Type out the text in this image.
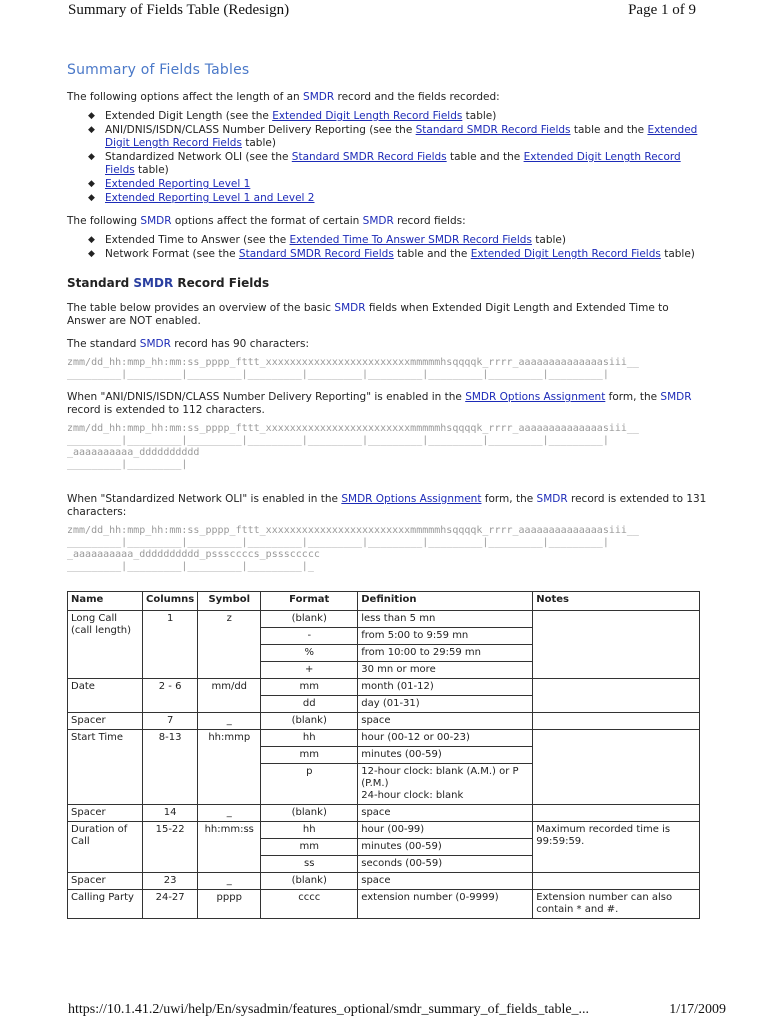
Summary of Fields Table (Redesign)	Page 1 of 9
Summary of Fields Tables

The following options affect the length of an SMDR record and the fields recorded:

◆ Extended Digit Length (see the Extended Digit Length Record Fields table)
◆ ANI/DNIS/ISDN/CLASS Number Delivery Reporting (see the Standard SMDR Record Fields table and the Extended Digit Length Record Fields table)
◆ Standardized Network OLI (see the Standard SMDR Record Fields table and the Extended Digit Length Record Fields table)
◆ Extended Reporting Level 1
◆ Extended Reporting Level 1 and Level 2

The following SMDR options affect the format of certain SMDR record fields:

◆ Extended Time to Answer (see the Extended Time To Answer SMDR Record Fields table)
◆ Network Format (see the Standard SMDR Record Fields table and the Extended Digit Length Record Fields table)
Standard SMDR Record Fields

The table below provides an overview of the basic SMDR fields when Extended Digit Length and Extended Time to Answer are NOT enabled.

The standard SMDR record has 90 characters:

zmm/dd_hh:mmp_hh:mm:ss_pppp_fttt_xxxxxxxxxxxxxxxxxxxxxxxxmmmmmhsqqqqk_rrrr_aaaaaaaaaaaaaasiii__
_________|_________|_________|_________|_________|_________|_________|_________|_________|

When "ANI/DNIS/ISDN/CLASS Number Delivery Reporting" is enabled in the SMDR Options Assignment form, the SMDR record is extended to 112 characters.

zmm/dd_hh:mmp_hh:mm:ss_pppp_fttt_xxxxxxxxxxxxxxxxxxxxxxxxmmmmmhsqqqqk_rrrr_aaaaaaaaaaaaaasiii__
_________|_________|_________|_________|_________|_________|_________|_________|_________|
_aaaaaaaaaa_dddddddddd
_________|_________|

When "Standardized Network OLI" is enabled in the SMDR Options Assignment form, the SMDR record is extended to 131 characters:

zmm/dd_hh:mmp_hh:mm:ss_pppp_fttt_xxxxxxxxxxxxxxxxxxxxxxxxmmmmmhsqqqqk_rrrr_aaaaaaaaaaaaaasiii__
_________|_________|_________|_________|_________|_________|_________|_________|_________|
_aaaaaaaaaa_dddddddddd_psssccccs_psssccccc
_________|_________|_________|_________|_
Name	Columns	Symbol	Format	Definition	Notes
Long Call
(call length)	1	z	(blank)	less than 5 mn	
			-	from 5:00 to 9:59 mn	
			%	from 10:00 to 29:59 mn	
			+	30 mn or more	
Date	2 - 6	mm/dd	mm	month (01-12)	
			dd	day (01-31)	
Spacer	7	_	(blank)	space	
Start Time	8-13	hh:mmp	hh	hour (00-12 or 00-23)	
			mm	minutes (00-59)	
			p	12-hour clock: blank (A.M.) or P (P.M.)
24-hour clock: blank	
Spacer	14	_	(blank)	space	
Duration of Call	15-22	hh:mm:ss	hh	hour (00-99)	Maximum recorded time is 99:59:59.
			mm	minutes (00-59)	
			ss	seconds (00-59)	
Spacer	23	_	(blank)	space	
Calling Party	24-27	pppp	cccc	extension number (0-9999)	Extension number can also contain * and #.
https://10.1.41.2/uwi/help/En/sysadmin/features_optional/smdr_summary_of_fields_table_...	1/17/2009
